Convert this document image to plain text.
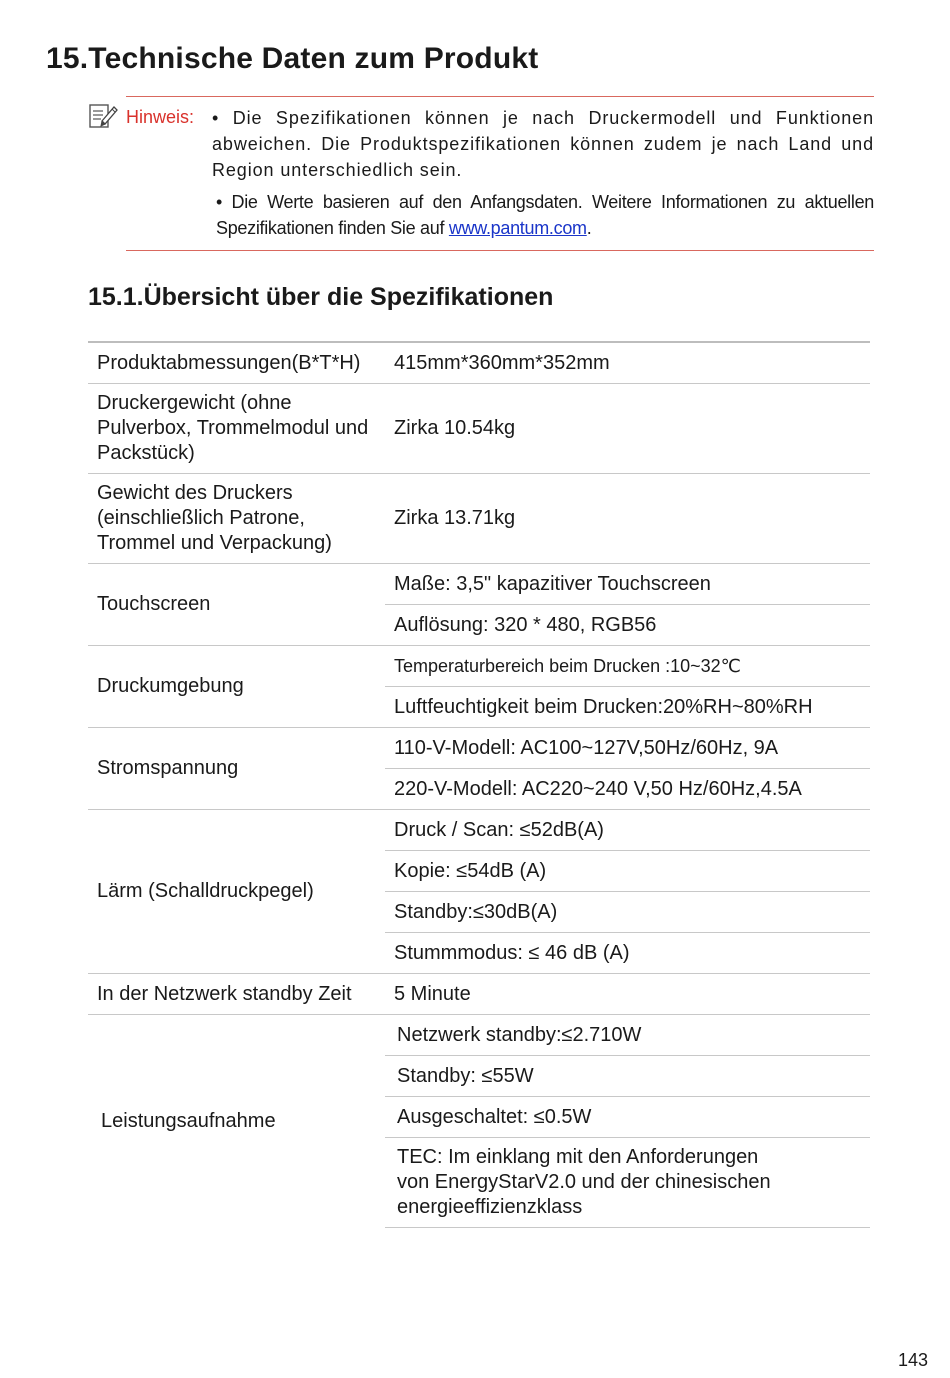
15.Technische Daten zum Produkt
Hinweis: • Die Spezifikationen können je nach Druckermodell und Funktionen abweichen. Die Produktspezifikationen können zudem je nach Land und Region unterschiedlich sein.

• Die Werte basieren auf den Anfangsdaten. Weitere Informationen zu aktuellen Spezifikationen finden Sie auf www.pantum.com.

15.1.Übersicht über die Spezifikationen
Produktabmessungen(B*T*H)	415mm*360mm*352mm
Druckergewicht (ohne Pulverbox, Trommelmodul und Packstück)	Zirka 10.54kg
Gewicht des Druckers (einschließlich Patrone, Trommel und Verpackung)	Zirka 13.71kg
Touchscreen	Maße: 3,5" kapazitiver Touchscreen
	Auflösung: 320 * 480, RGB56
Druckumgebung	Temperaturbereich beim Drucken :10~32℃
	Luftfeuchtigkeit beim Drucken:20%RH~80%RH
Stromspannung	110-V-Modell: AC100~127V,50Hz/60Hz, 9A
	220-V-Modell: AC220~240 V,50 Hz/60Hz,4.5A
Lärm (Schalldruckpegel)	Druck / Scan: ≤52dB(A)
	Kopie: ≤54dB (A)
	Standby:≤30dB(A)
	Stummmodus: ≤ 46 dB (A)
In der Netzwerk standby Zeit	5 Minute
Leistungsaufnahme	Netzwerk standby:≤2.710W
	Standby: ≤55W
	Ausgeschaltet: ≤0.5W
	TEC: Im einklang mit den Anforderungen von EnergyStarV2.0 und der chinesischen energieeffizienzklass
143
